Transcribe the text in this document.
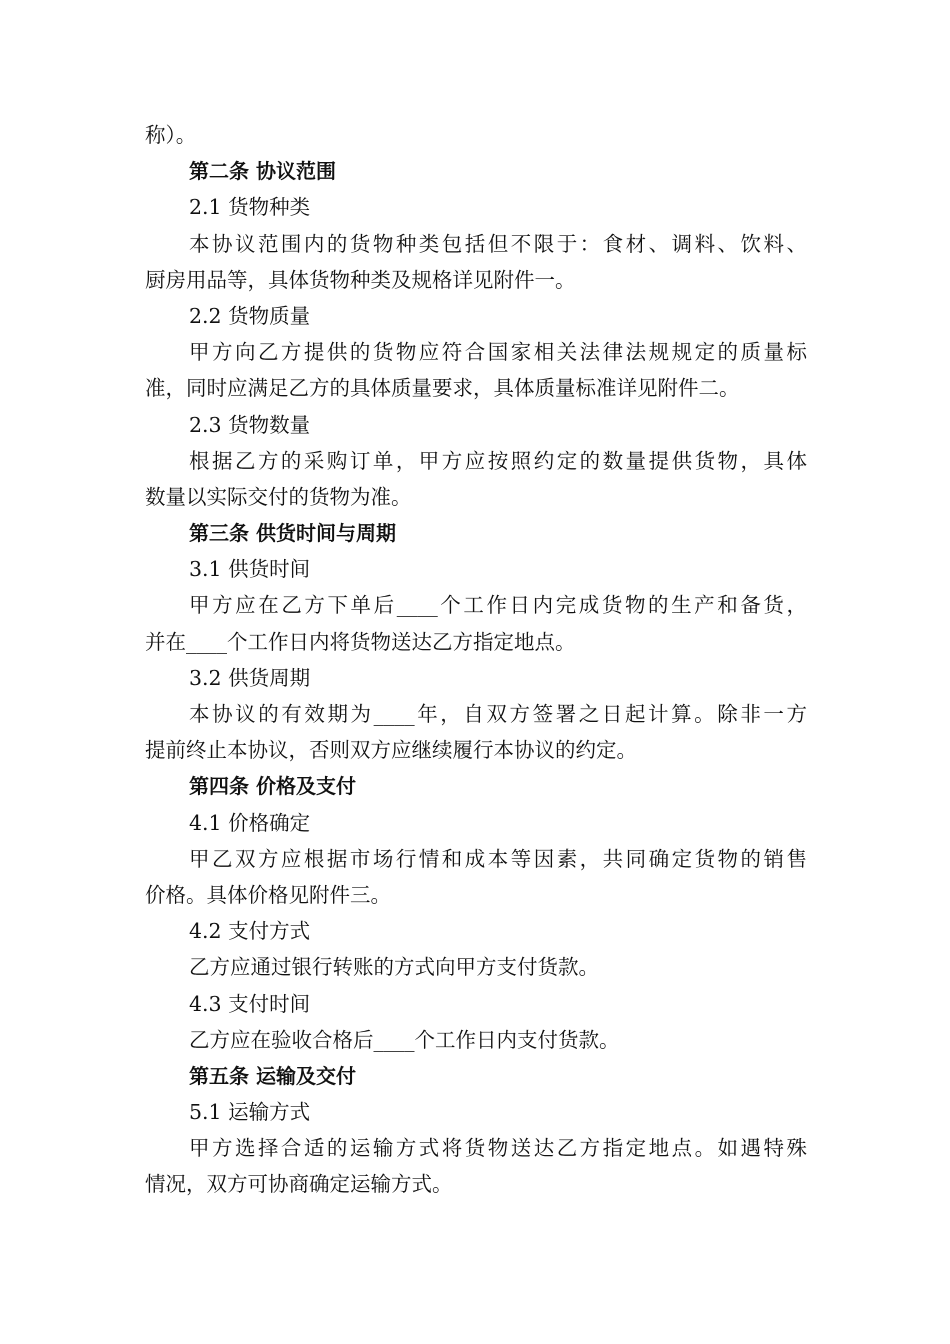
称）。
第二条 协议范围
2.1 货物种类
本协议范围内的货物种类包括但不限于：食材、调料、饮料、
厨房用品等，具体货物种类及规格详见附件一。
2.2 货物质量
甲方向乙方提供的货物应符合国家相关法律法规规定的质量标
准，同时应满足乙方的具体质量要求，具体质量标准详见附件二。
2.3 货物数量
根据乙方的采购订单，甲方应按照约定的数量提供货物，具体
数量以实际交付的货物为准。
第三条 供货时间与周期
3.1 供货时间
甲方应在乙方下单后____个工作日内完成货物的生产和备货，
并在____个工作日内将货物送达乙方指定地点。
3.2 供货周期
本协议的有效期为____年，自双方签署之日起计算。除非一方
提前终止本协议，否则双方应继续履行本协议的约定。
第四条 价格及支付
4.1 价格确定
甲乙双方应根据市场行情和成本等因素，共同确定货物的销售
价格。具体价格见附件三。
4.2 支付方式
乙方应通过银行转账的方式向甲方支付货款。
4.3 支付时间
乙方应在验收合格后____个工作日内支付货款。
第五条 运输及交付
5.1 运输方式
甲方选择合适的运输方式将货物送达乙方指定地点。如遇特殊
情况，双方可协商确定运输方式。
